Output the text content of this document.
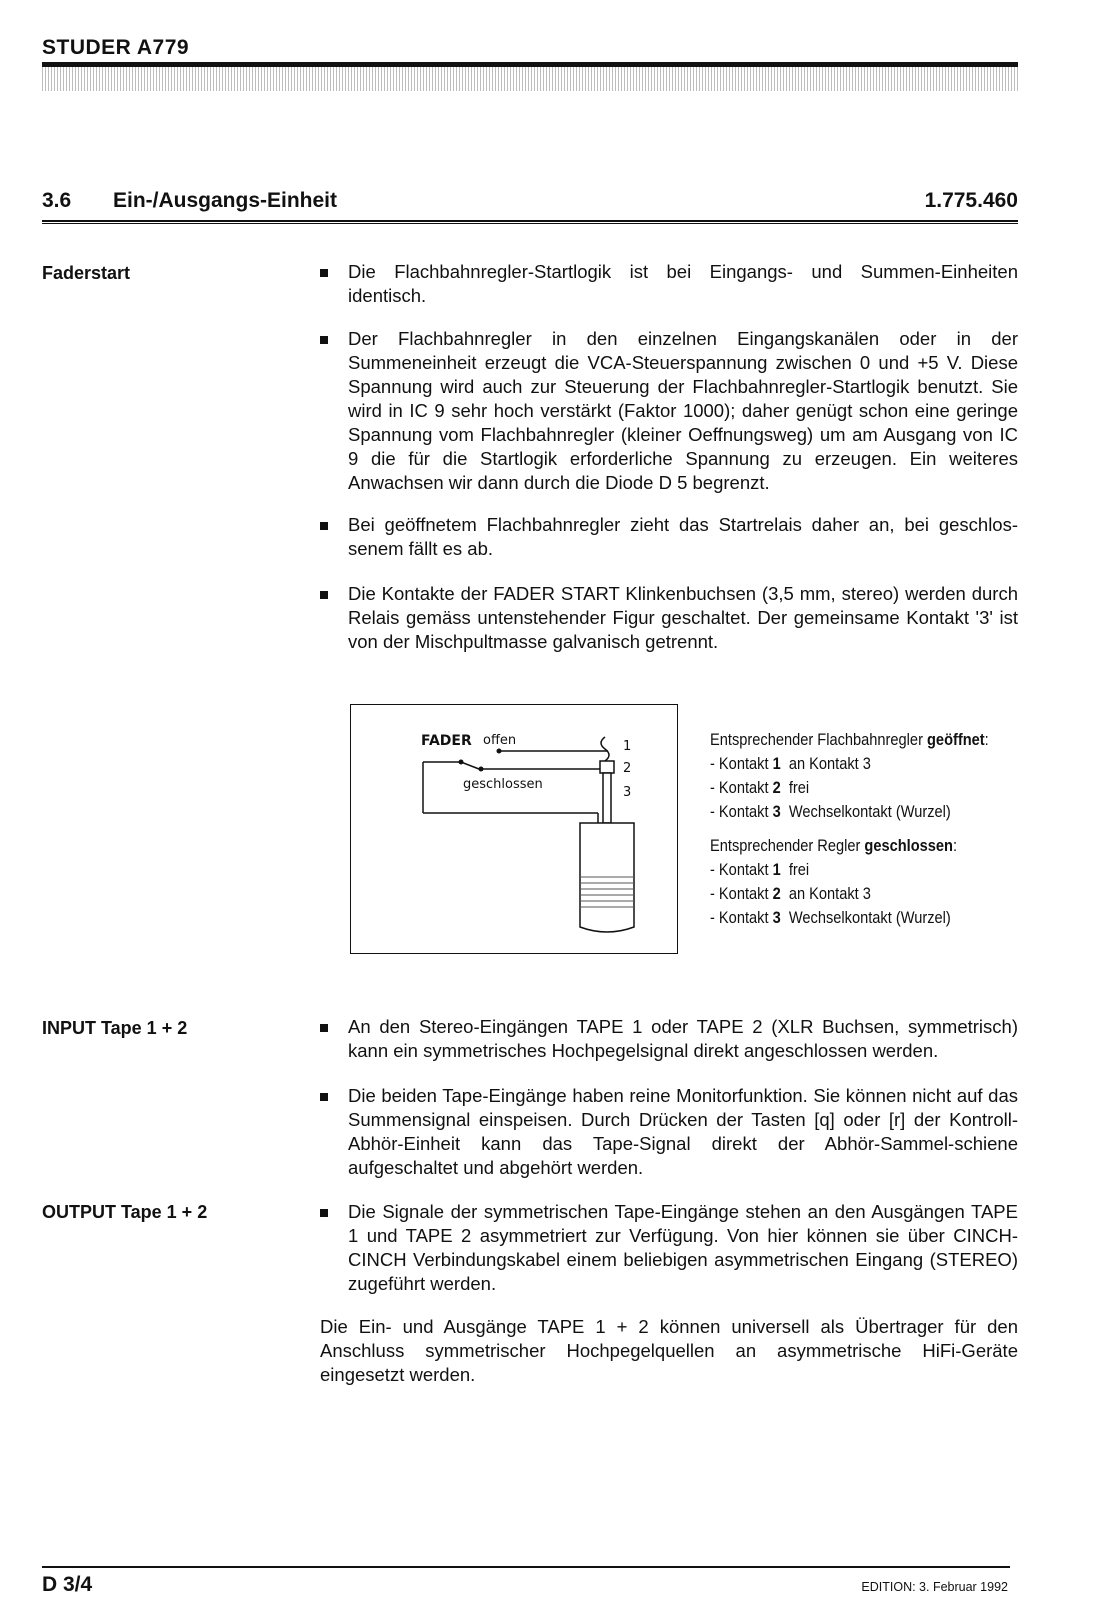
STUDER A779
3.6 Ein-/Ausgangs-Einheit	1.775.460
Faderstart	Die Flachbahnregler-Startlogik ist bei Eingangs- und Summen-Einheiten identisch.
Der Flachbahnregler in den einzelnen Eingangskanälen oder in der Summeneinheit erzeugt die VCA-Steuerspannung zwischen 0 und +5 V. Diese Spannung wird auch zur Steuerung der Flachbahnregler-Startlogik benutzt. Sie wird in IC 9 sehr hoch verstärkt (Faktor 1000); daher genügt schon eine geringe Spannung vom Flachbahnregler (kleiner Oeffnungsweg) um am Ausgang von IC 9 die für die Startlogik erforderliche Spannung zu erzeugen. Ein weiteres Anwachsen wir dann durch die Diode D 5 begrenzt.
Bei geöffnetem Flachbahnregler zieht das Startrelais daher an, bei geschlos-senem fällt es ab.
Die Kontakte der FADER START Klinkenbuchsen (3,5 mm, stereo) werden durch Relais gemäss untenstehender Figur geschaltet. Der gemeinsame Kontakt '3' ist von der Mischpultmasse galvanisch getrennt.
FADER offen
geschlossen
1
2
3
Entsprechender Flachbahnregler geöffnet:
- Kontakt 1  an Kontakt 3
- Kontakt 2  frei
- Kontakt 3  Wechselkontakt (Wurzel)
Entsprechender Regler geschlossen:
- Kontakt 1  frei
- Kontakt 2  an Kontakt 3
- Kontakt 3  Wechselkontakt (Wurzel)
INPUT Tape 1 + 2	An den Stereo-Eingängen TAPE 1 oder TAPE 2 (XLR Buchsen, symmetrisch) kann ein symmetrisches Hochpegelsignal direkt angeschlossen werden.
Die beiden Tape-Eingänge haben reine Monitorfunktion. Sie können nicht auf das Summensignal einspeisen. Durch Drücken der Tasten [q] oder [r] der Kontroll-Abhör-Einheit kann das Tape-Signal direkt der Abhör-Sammel-schiene aufgeschaltet und abgehört werden.
OUTPUT Tape 1 + 2	Die Signale der symmetrischen Tape-Eingänge stehen an den Ausgängen TAPE 1 und TAPE 2 asymmetriert zur Verfügung. Von hier können sie über CINCH-CINCH Verbindungskabel einem beliebigen asymmetrischen Eingang (STEREO) zugeführt werden.
Die Ein- und Ausgänge TAPE 1 + 2 können universell als Übertrager für den Anschluss symmetrischer Hochpegelquellen an asymmetrische HiFi-Geräte eingesetzt werden.
D 3/4	EDITION: 3. Februar 1992
